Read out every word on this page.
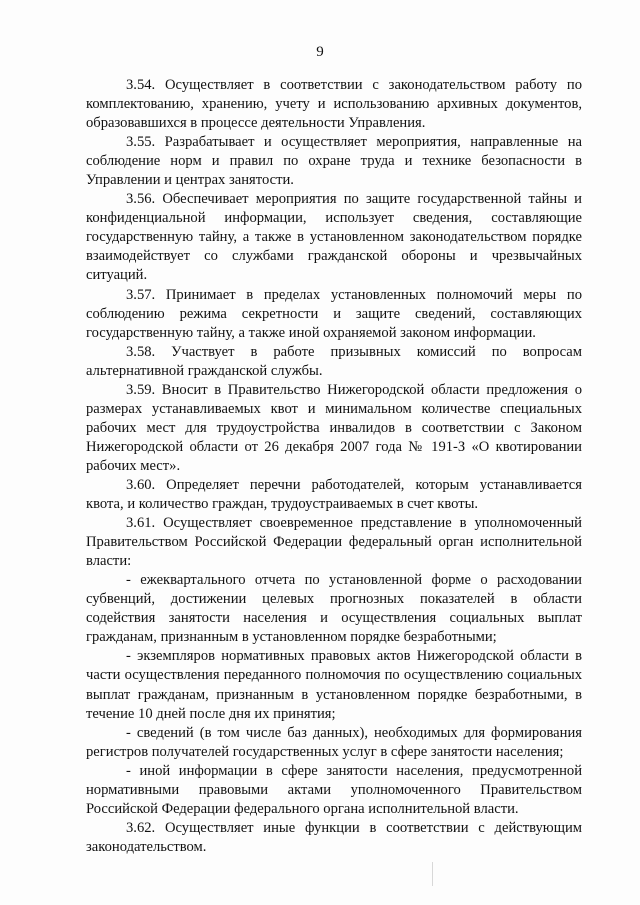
9

3.54. Осуществляет в соответствии с законодательством работу по комплектованию, хранению, учету и использованию архивных документов, образовавшихся в процессе деятельности Управления.

3.55. Разрабатывает и осуществляет мероприятия, направленные на соблюдение норм и правил по охране труда и технике безопасности в Управлении и центрах занятости.

3.56. Обеспечивает мероприятия по защите государственной тайны и конфиденциальной информации, использует сведения, составляющие государственную тайну, а также в установленном законодательством порядке взаимодействует со службами гражданской обороны и чрезвычайных ситуаций.

3.57. Принимает в пределах установленных полномочий меры по соблюдению режима секретности и защите сведений, составляющих государственную тайну, а также иной охраняемой законом информации.

3.58. Участвует в работе призывных комиссий по вопросам альтернативной гражданской службы.

3.59. Вносит в Правительство Нижегородской области предложения о размерах устанавливаемых квот и минимальном количестве специальных рабочих мест для трудоустройства инвалидов в соответствии с Законом Нижегородской области от 26 декабря 2007 года № 191-З «О квотировании рабочих мест».

3.60. Определяет перечни работодателей, которым устанавливается квота, и количество граждан, трудоустраиваемых в счет квоты.

3.61. Осуществляет своевременное представление в уполномоченный Правительством Российской Федерации федеральный орган исполнительной власти:

- ежеквартального отчета по установленной форме о расходовании субвенций, достижении целевых прогнозных показателей в области содействия занятости населения и осуществления социальных выплат гражданам, признанным в установленном порядке безработными;

- экземпляров нормативных правовых актов Нижегородской области в части осуществления переданного полномочия по осуществлению социальных выплат гражданам, признанным в установленном порядке безработными, в течение 10 дней после дня их принятия;

- сведений (в том числе баз данных), необходимых для формирования регистров получателей государственных услуг в сфере занятости населения;

- иной информации в сфере занятости населения, предусмотренной нормативными правовыми актами уполномоченного Правительством Российской Федерации федерального органа исполнительной власти.

3.62. Осуществляет иные функции в соответствии с действующим законодательством.
